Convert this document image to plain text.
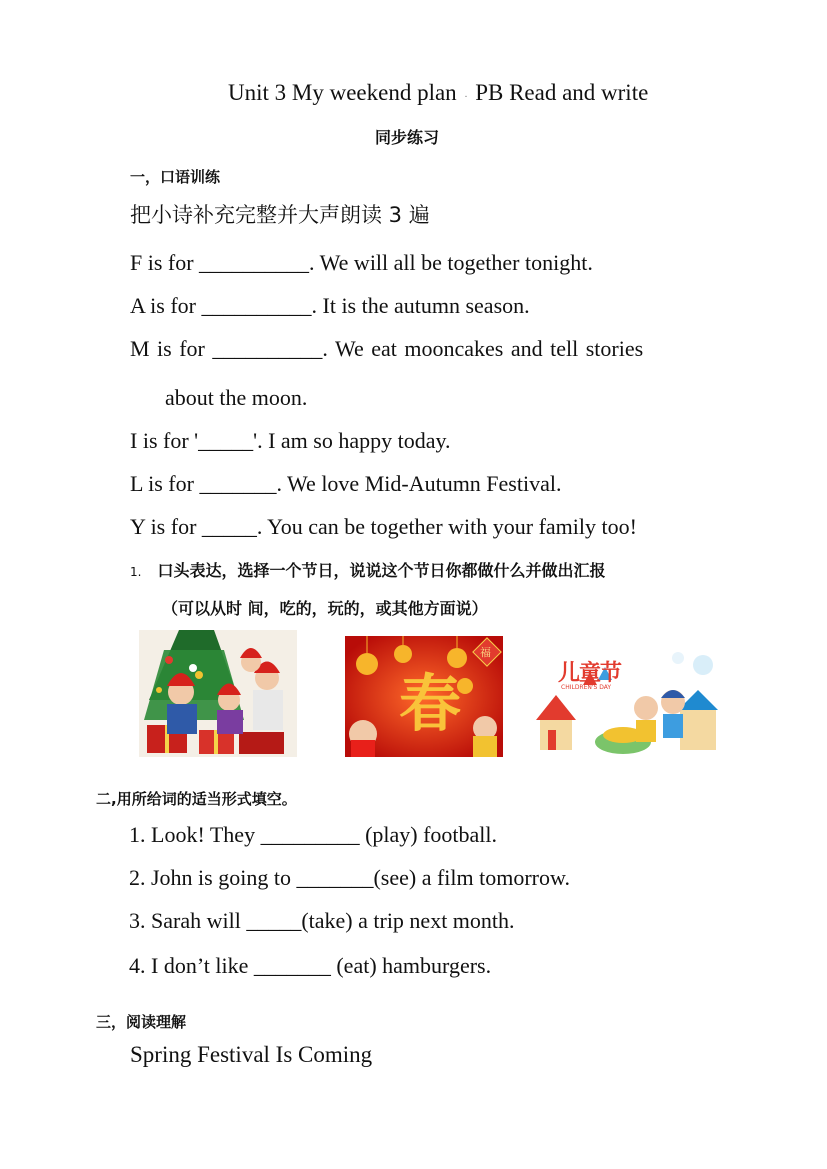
Unit 3 My weekend plan . PB Read and write
同步练习
一，口语训练
把小诗补充完整并大声朗读 3 遍
F is for __________. We will all be together tonight.
A is for __________. It is the autumn season.
M is for __________. We eat mooncakes and tell stories
about the moon.
I is for '_____'. I am so happy today.
L is for _______. We love Mid-Autumn Festival.
Y is for _____. You can be together with your family too!
1. 口头表达，选择一个节日，说说这个节日你都做什么并做出汇报
（可以从时 间，吃的，玩的，或其他方面说）
春
福
儿童节
CHILDREN'S DAY
二,用所给词的适当形式填空。
1. Look! They _________ (play) football.
2. John is going to _______(see) a film tomorrow.
3. Sarah will _____(take) a trip next month.
4. I don’t like _______ (eat) hamburgers.
三，阅读理解
Spring Festival Is Coming
